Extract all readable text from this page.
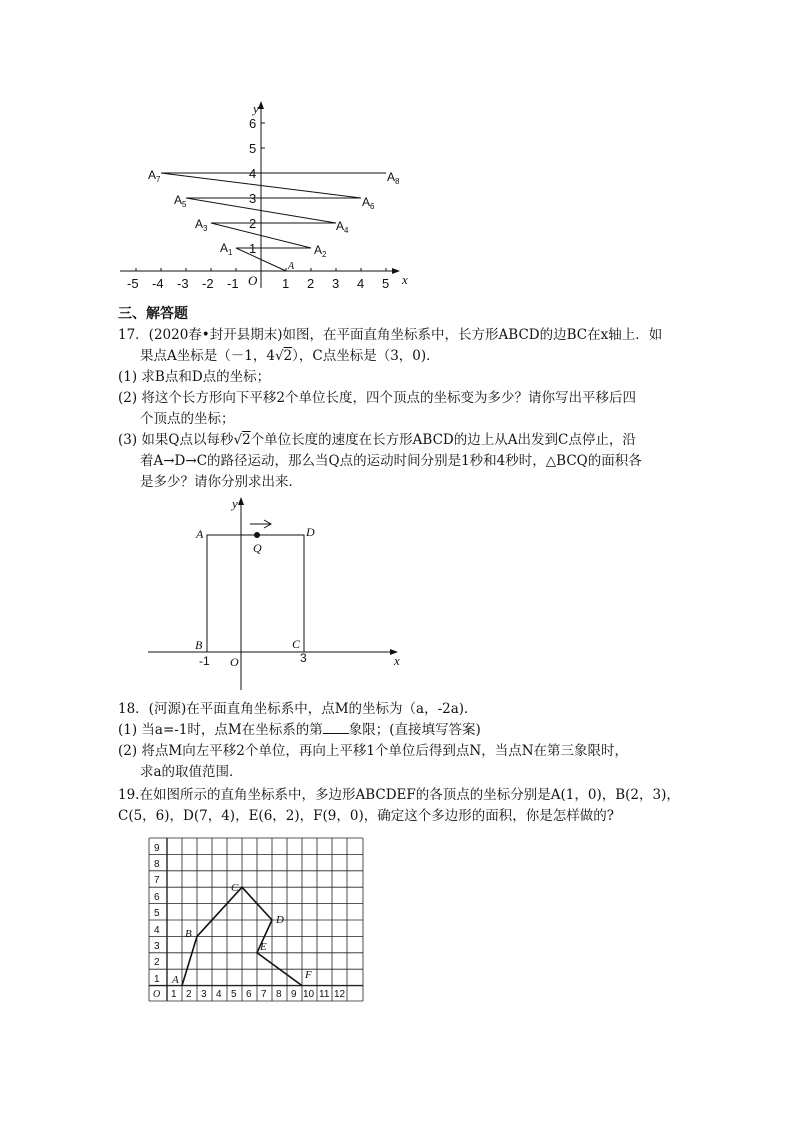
x
y
O
-5 -4 -3 -2 -1	1 2 3 4 5
1
2
3
4
5
6
A
$A_1$	$A_2$
$A_3$	$A_4$
$A_5$	$A_6$
$A_7$	$A_8$
三、解答题

17．(2020春•封开县期末)如图，在平面直角坐标系中，长方形ABCD的边BC在x轴上．如

果点A坐标是（－1，4√2），C点坐标是（3，0)．

(1) 求B点和D点的坐标；

(2) 将这个长方形向下平移2个单位长度，四个顶点的坐标变为多少？请你写出平移后四

个顶点的坐标；

(3) 如果Q点以每秒√2个单位长度的速度在长方形ABCD的边上从A出发到C点停止，沿

着A→D→C的路径运动，那么当Q点的运动时间分别是1秒和4秒时，△BCQ的面积各

是多少？请你分别求出来．

x
y
A	D
B	C
Q
O
-1	3

18．(河源)在平面直角坐标系中，点M的坐标为（a，-2a)．

(1) 当a=-1时，点M在坐标系的第 象限；(直接填写答案)

(2) 将点M向左平移2个单位，再向上平移1个单位后得到点N，当点N在第三象限时，

求a的取值范围．

19.在如图所示的直角坐标系中，多边形ABCDEF的各顶点的坐标分别是A(1，0)，B(2，3)，

C(5，6)，D(7，4)，E(6，2)，F(9，0)，确定这个多边形的面积，你是怎样做的?

O 1 2 3 4 5 6 7 8 9 10 11 12
1
2
3
4
5
6
7
8
9
A
B
C
D
E
F
